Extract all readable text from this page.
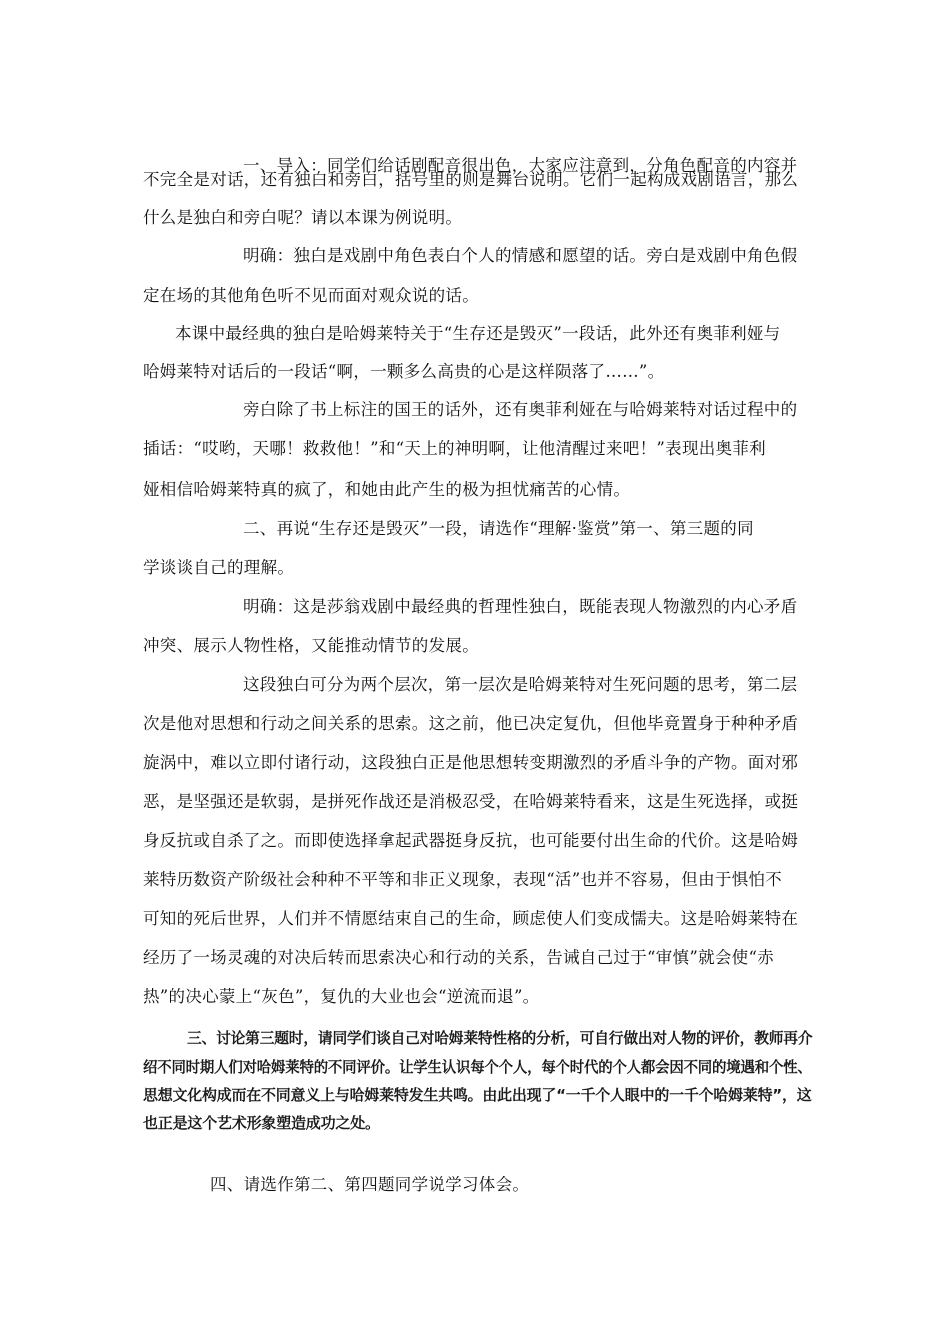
一、导入：同学们给话剧配音很出色，大家应注意到，分角色配音的内容并
不完全是对话，还有独白和旁白，括号里的则是舞台说明。它们一起构成戏剧语言，那么
什么是独白和旁白呢？请以本课为例说明。
明确：独白是戏剧中角色表白个人的情感和愿望的话。旁白是戏剧中角色假
定在场的其他角色听不见而面对观众说的话。
本课中最经典的独白是哈姆莱特关于“生存还是毁灭”一段话，此外还有奥菲利娅与
哈姆莱特对话后的一段话“啊，一颗多么高贵的心是这样陨落了……”。
旁白除了书上标注的国王的话外，还有奥菲利娅在与哈姆莱特对话过程中的
插话：“哎哟，天哪！救救他！”和“天上的神明啊，让他清醒过来吧！”表现出奥菲利
娅相信哈姆莱特真的疯了，和她由此产生的极为担忧痛苦的心情。
二、再说“生存还是毁灭”一段，请选作“理解·鉴赏”第一、第三题的同
学谈谈自己的理解。
明确：这是莎翁戏剧中最经典的哲理性独白，既能表现人物激烈的内心矛盾
冲突、展示人物性格，又能推动情节的发展。
这段独白可分为两个层次，第一层次是哈姆莱特对生死问题的思考，第二层
次是他对思想和行动之间关系的思索。这之前，他已决定复仇，但他毕竟置身于种种矛盾
旋涡中，难以立即付诸行动，这段独白正是他思想转变期激烈的矛盾斗争的产物。面对邪
恶，是坚强还是软弱，是拼死作战还是消极忍受，在哈姆莱特看来，这是生死选择，或挺
身反抗或自杀了之。而即使选择拿起武器挺身反抗，也可能要付出生命的代价。这是哈姆
莱特历数资产阶级社会种种不平等和非正义现象，表现“活”也并不容易，但由于惧怕不
可知的死后世界，人们并不情愿结束自己的生命，顾虑使人们变成懦夫。这是哈姆莱特在
经历了一场灵魂的对决后转而思索决心和行动的关系，告诫自己过于“审慎”就会使“赤
热”的决心蒙上“灰色”，复仇的大业也会“逆流而退”。
三、讨论第三题时，请同学们谈自己对哈姆莱特性格的分析，可自行做出对人物的评价，教师再介
绍不同时期人们对哈姆莱特的不同评价。让学生认识每个个人，每个时代的个人都会因不同的境遇和个性、
思想文化构成而在不同意义上与哈姆莱特发生共鸣。由此出现了“一千个人眼中的一千个哈姆莱特”，这
也正是这个艺术形象塑造成功之处。
四、请选作第二、第四题同学说学习体会。
